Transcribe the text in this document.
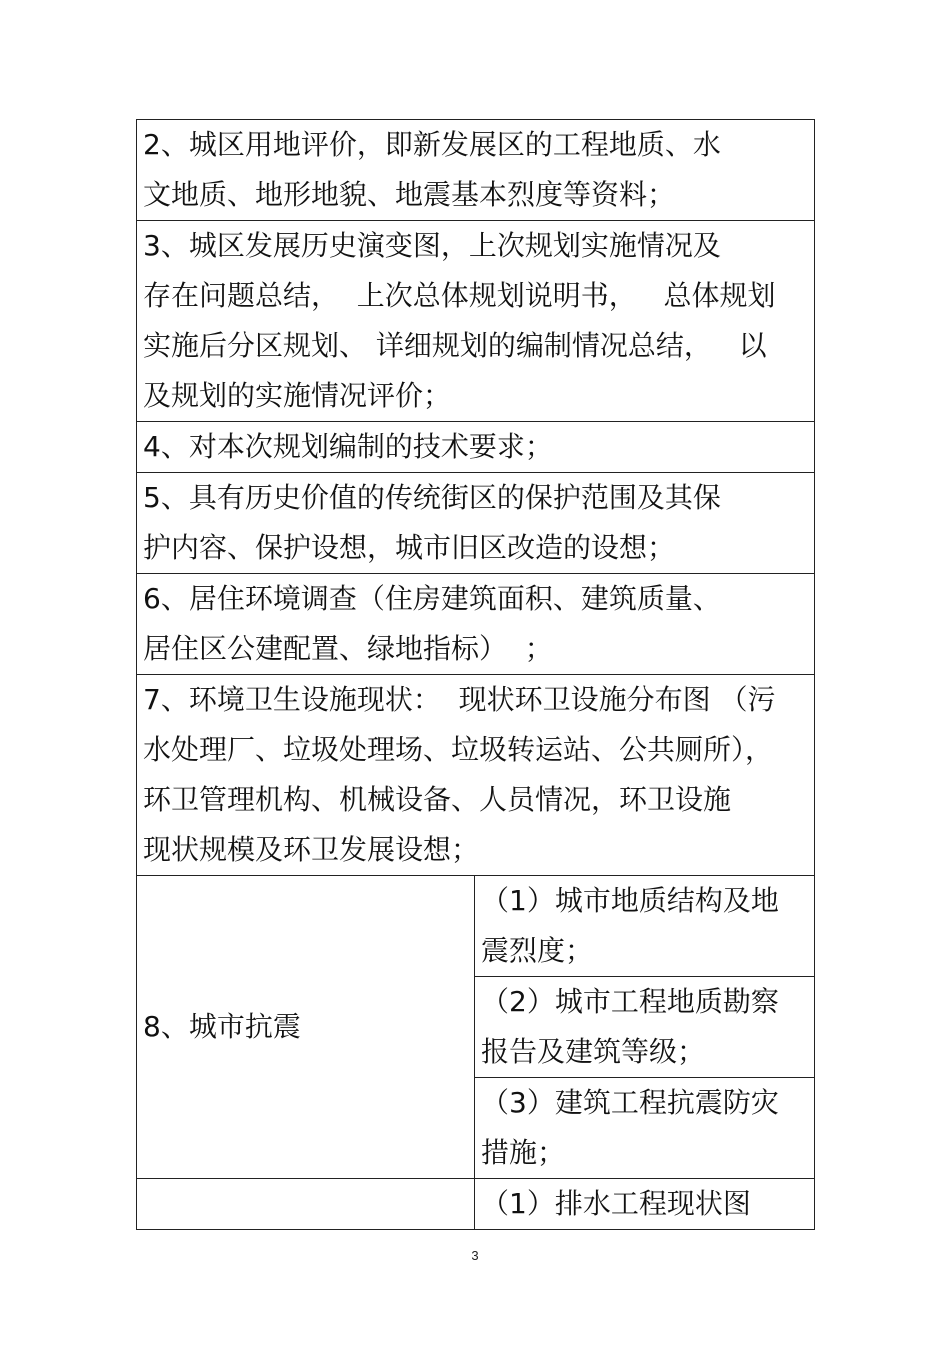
2、城区用地评价，即新发展区的工程地质、水
文地质、地形地貌、地震基本烈度等资料；	

3、城区发展历史演变图，上次规划实施情况及
存在问题总结，  上次总体规划说明书，   总体规划
实施后分区规划、 详细规划的编制情况总结，   以
及规划的实施情况评价；	

4、对本次规划编制的技术要求；	

5、具有历史价值的传统街区的保护范围及其保
护内容、保护设想，城市旧区改造的设想；	

6、居住环境调查（住房建筑面积、建筑质量、
居住区公建配置、绿地指标）  ；	

7、环境卫生设施现状：  现状环卫设施分布图 （污
水处理厂、垃圾处理场、垃圾转运站、公共厕所），
环卫管理机构、机械设备、人员情况，环卫设施
现状规模及环卫发展设想；	

8、城市抗震	（1）城市地质结构及地
震烈度；

	（2）城市工程地质勘察
报告及建筑等级；

	（3）建筑工程抗震防灾
措施；

	（1）排水工程现状图
3
